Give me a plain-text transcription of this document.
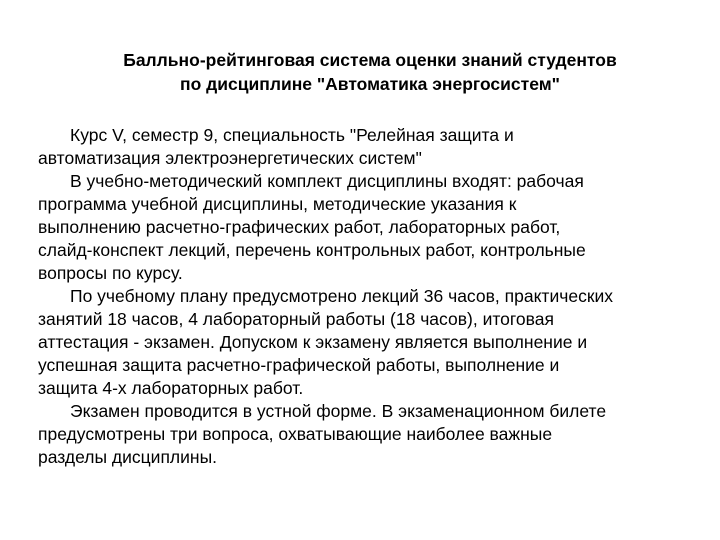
Балльно-рейтинговая система оценки знаний студентов
по дисциплине "Автоматика энергосистем"

Курс V, семестр 9, специальность "Релейная защита и
автоматизация электроэнергетических систем"

В учебно-методический комплект дисциплины входят: рабочая
программа учебной дисциплины, методические указания к
выполнению расчетно-графических работ, лабораторных работ,
слайд-конспект лекций, перечень контрольных работ, контрольные
вопросы по курсу.

По учебному плану предусмотрено лекций 36 часов, практических
занятий 18 часов, 4 лабораторный работы (18 часов), итоговая
аттестация - экзамен. Допуском к экзамену является выполнение и
успешная защита расчетно-графической работы, выполнение и
защита 4-х лабораторных работ.

Экзамен проводится в устной форме. В экзаменационном билете
предусмотрены три вопроса, охватывающие наиболее важные
разделы дисциплины.
